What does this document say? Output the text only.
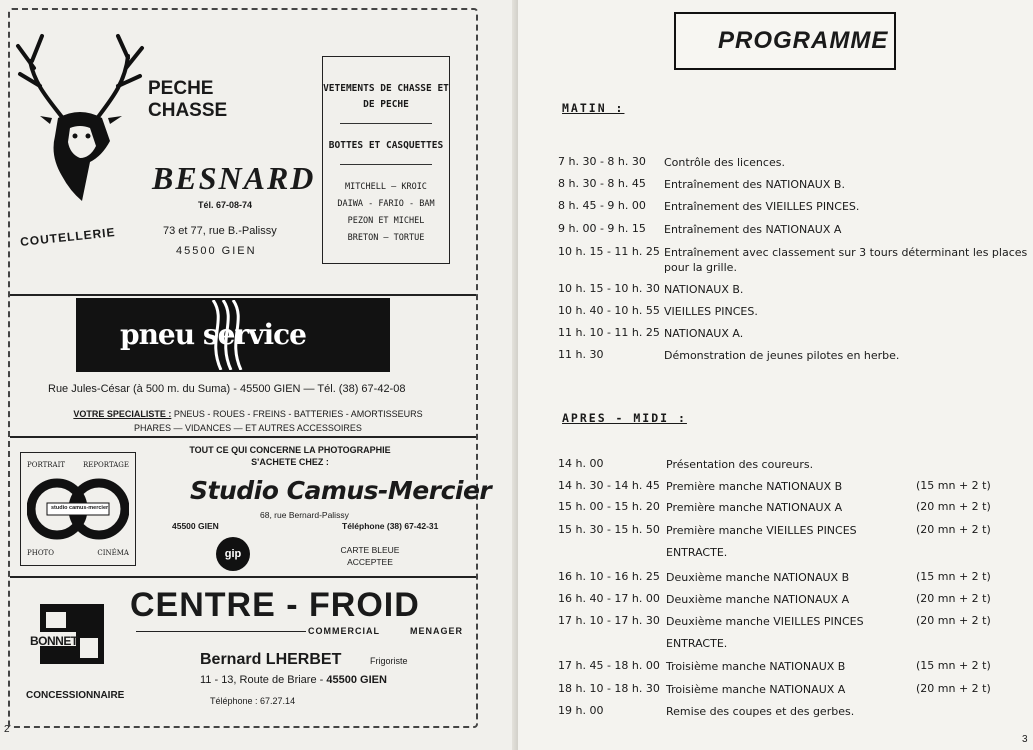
PECHE
CHASSE
BESNARD
Tél. 67-08-74
73 et 77, rue B.-Palissy
45500 GIEN
COUTELLERIE
VETEMENTS DE CHASSE ET DE PECHE
BOTTES ET CASQUETTES
MITCHELL — KROIC
DAIWA - FARIO - BAM
PEZON ET MICHEL
BRETON — TORTUE
pneu service
Rue Jules-César (à 500 m. du Suma) - 45500 GIEN — Tél. (38) 67-42-08
VOTRE SPECIALISTE : PNEUS - ROUES - FREINS - BATTERIES - AMORTISSEURS
PHARES — VIDANCES — ET AUTRES ACCESSOIRES
PORTRAIT	REPORTAGE
PHOTO	CINÉMA
studio camus-mercier
TOUT CE QUI CONCERNE LA PHOTOGRAPHIE
S'ACHETE CHEZ :
Studio Camus-Mercier
68, rue Bernard-Palissy
45500 GIEN	Téléphone (38) 67-42-31
gip	CARTE BLEUE
ACCEPTEE
BONNET
CONCESSIONNAIRE
CENTRE - FROID
COMMERCIAL	MENAGER
Bernard LHERBET	Frigoriste
11 - 13, Route de Briare - 45500 GIEN
Téléphone : 67.27.14
2
PROGRAMME
MATIN :
7 h. 30 - 8 h. 30	Contrôle des licences.
8 h. 30 - 8 h. 45	Entraînement des NATIONAUX B.
8 h. 45 - 9 h. 00	Entraînement des VIEILLES PINCES.
9 h. 00 - 9 h. 15	Entraînement des NATIONAUX A
10 h. 15 - 11 h. 25 Entraînement avec classement sur 3 tours déterminant les places pour la grille.
10 h. 15 - 10 h. 30 NATIONAUX B.
10 h. 40 - 10 h. 55 VIEILLES PINCES.
11 h. 10 - 11 h. 25 NATIONAUX A.
11 h. 30	Démonstration de jeunes pilotes en herbe.
APRES - MIDI :
14 h. 00	Présentation des coureurs.
14 h. 30 - 14 h. 45 Première manche NATIONAUX B	(15 mn + 2 t)
15 h. 00 - 15 h. 20 Première manche NATIONAUX A	(20 mn + 2 t)
15 h. 30 - 15 h. 50 Première manche VIEILLES PINCES	(20 mn + 2 t)
ENTRACTE.
16 h. 10 - 16 h. 25 Deuxième manche NATIONAUX B	(15 mn + 2 t)
16 h. 40 - 17 h. 00 Deuxième manche NATIONAUX A	(20 mn + 2 t)
17 h. 10 - 17 h. 30 Deuxième manche VIEILLES PINCES	(20 mn + 2 t)
ENTRACTE.
17 h. 45 - 18 h. 00 Troisième manche NATIONAUX B	(15 mn + 2 t)
18 h. 10 - 18 h. 30 Troisième manche NATIONAUX A	(20 mn + 2 t)
19 h. 00	Remise des coupes et des gerbes.
3
